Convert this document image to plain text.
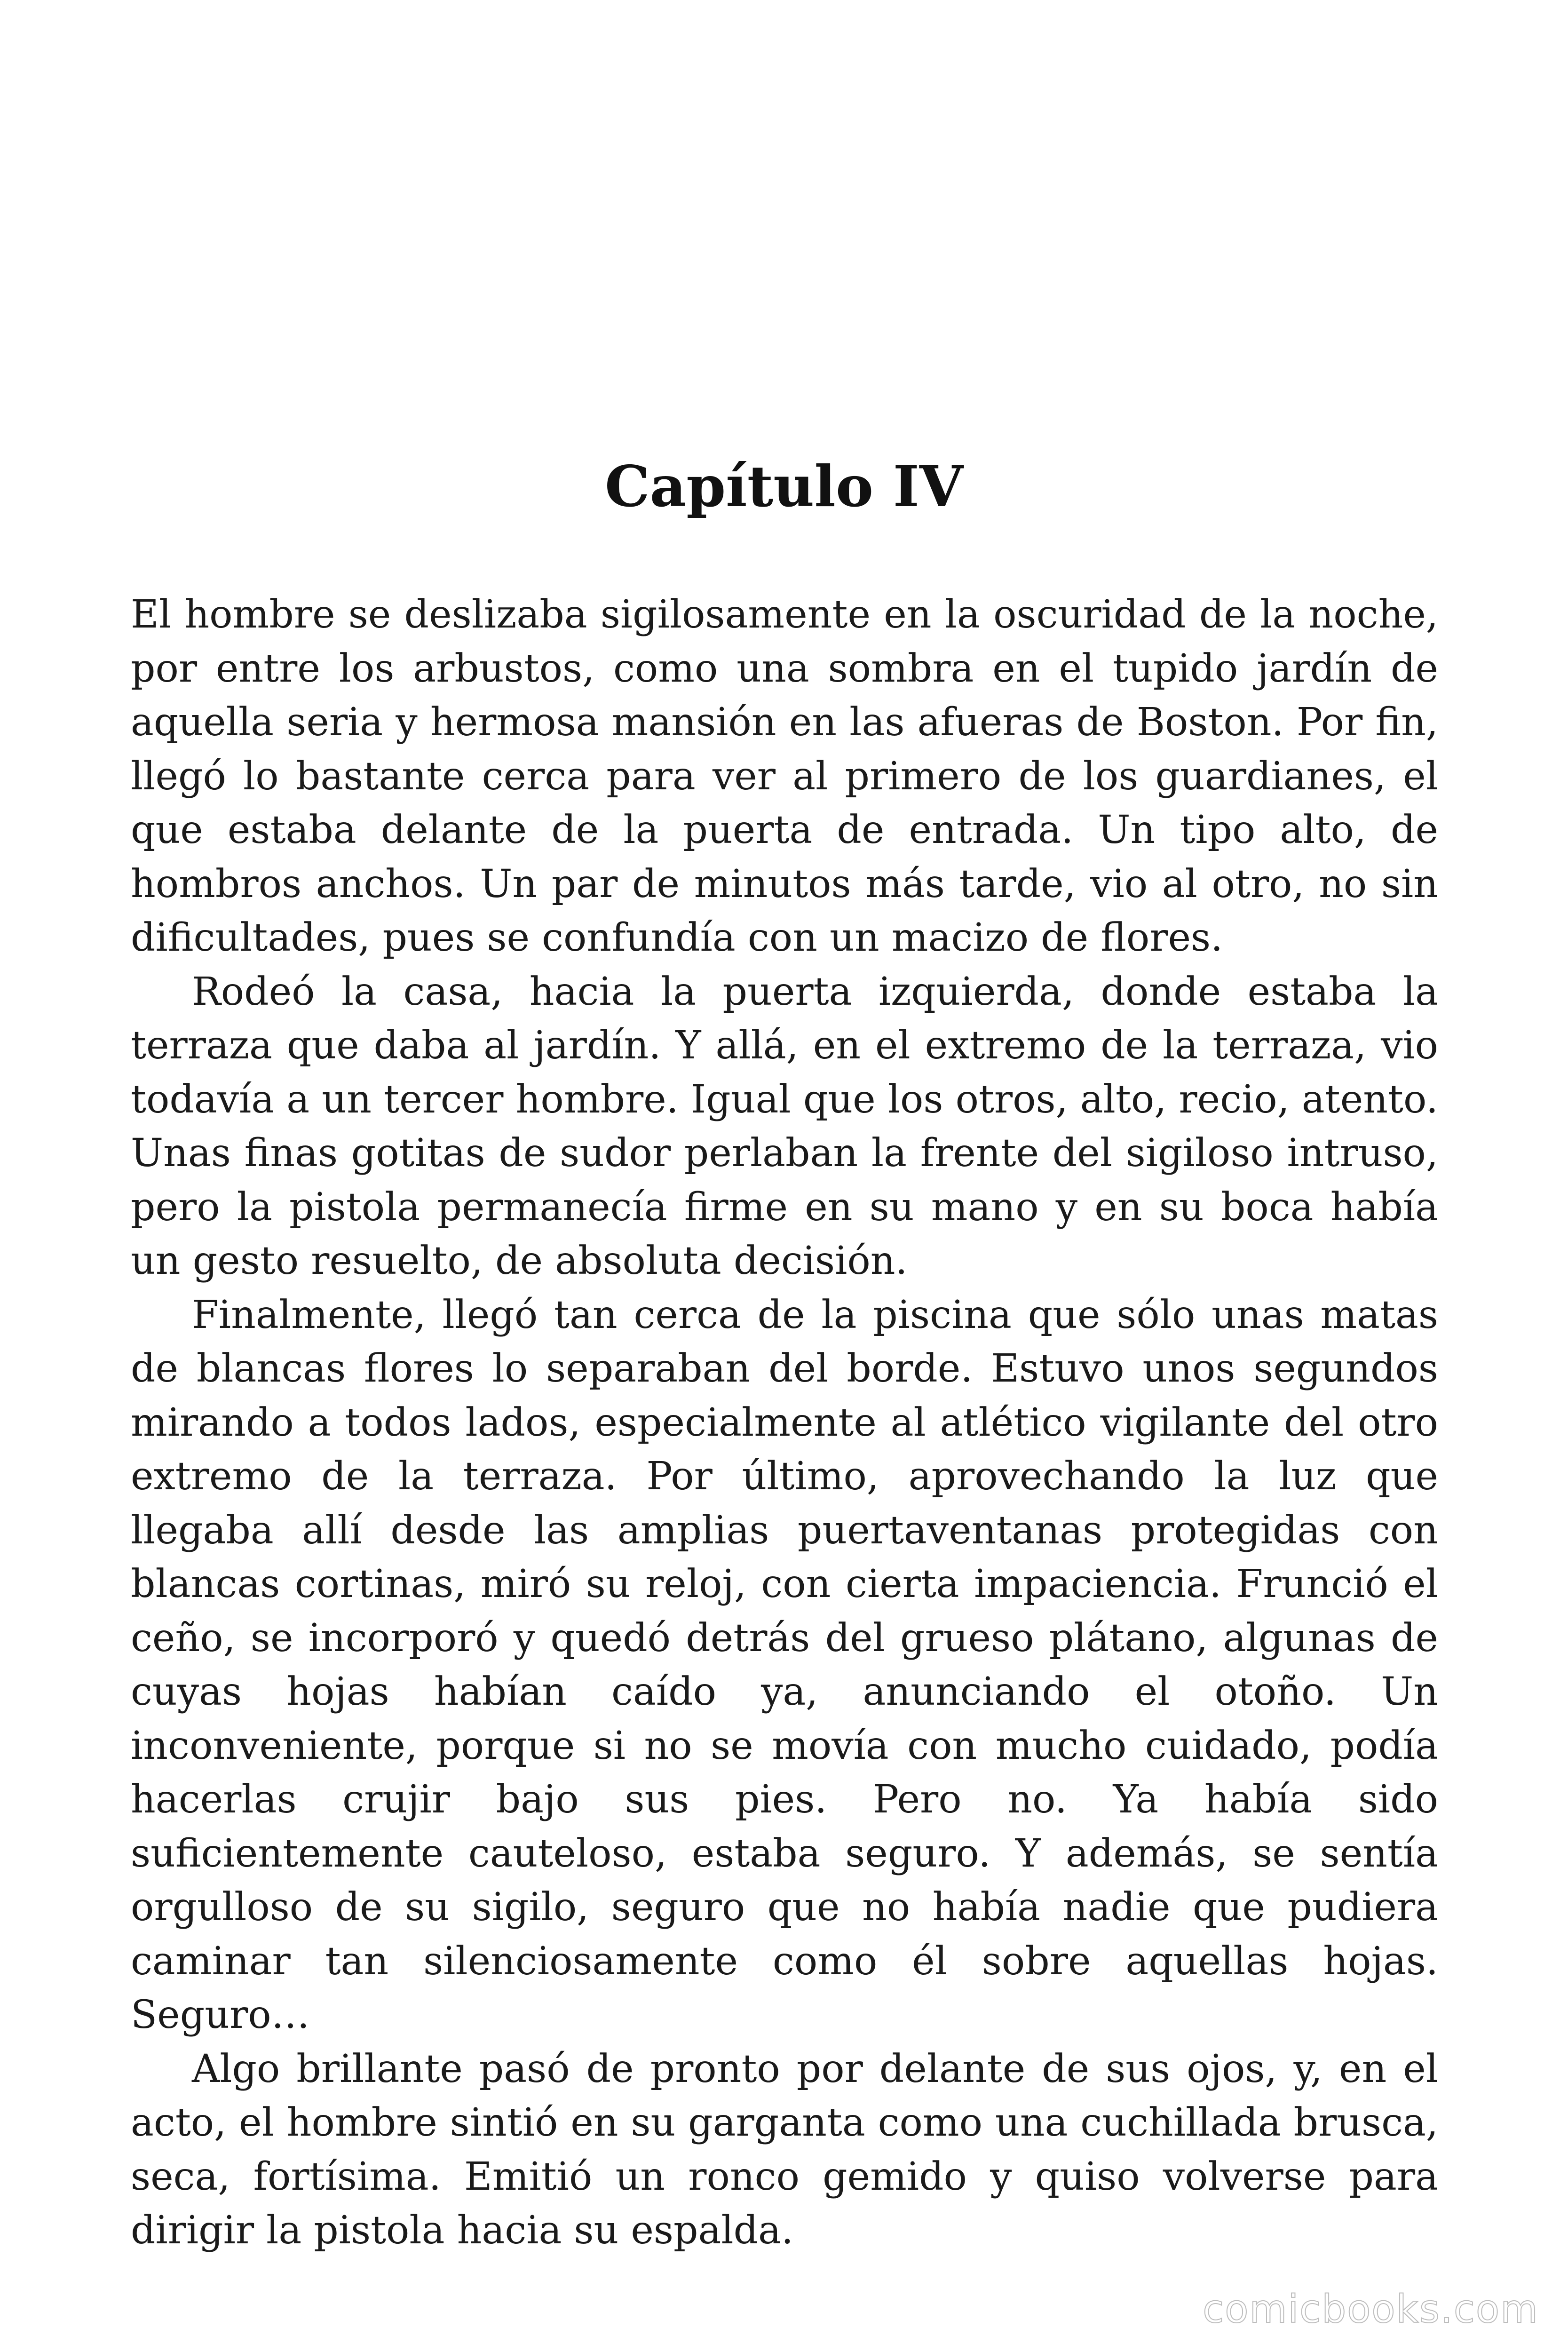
Capítulo IV

El hombre se deslizaba sigilosamente en la oscuridad de la noche, por entre los arbustos, como una sombra en el tupido jardín de aquella seria y hermosa mansión en las afueras de Boston. Por fin, llegó lo bastante cerca para ver al primero de los guardianes, el que estaba delante de la puerta de entrada. Un tipo alto, de hombros anchos. Un par de minutos más tarde, vio al otro, no sin dificultades, pues se confundía con un macizo de flores.

Rodeó la casa, hacia la puerta izquierda, donde estaba la terraza que daba al jardín. Y allá, en el extremo de la terraza, vio todavía a un tercer hombre. Igual que los otros, alto, recio, atento. Unas finas gotitas de sudor perlaban la frente del sigiloso intruso, pero la pistola permanecía firme en su mano y en su boca había un gesto resuelto, de absoluta decisión.

Finalmente, llegó tan cerca de la piscina que sólo unas matas de blancas flores lo separaban del borde. Estuvo unos segundos mirando a todos lados, especialmente al atlético vigilante del otro extremo de la terraza. Por último, aprovechando la luz que llegaba allí desde las amplias puertaventanas protegidas con blancas cortinas, miró su reloj, con cierta impaciencia. Frunció el ceño, se incorporó y quedó detrás del grueso plátano, algunas de cuyas hojas habían caído ya, anunciando el otoño. Un inconveniente, porque si no se movía con mucho cuidado, podía hacerlas crujir bajo sus pies. Pero no. Ya había sido suficientemente cauteloso, estaba seguro. Y además, se sentía orgulloso de su sigilo, seguro que no había nadie que pudiera caminar tan silenciosamente como él sobre aquellas hojas. Seguro…

Algo brillante pasó de pronto por delante de sus ojos, y, en el acto, el hombre sintió en su garganta como una cuchillada brusca, seca, fortísima. Emitió un ronco gemido y quiso volverse para dirigir la pistola hacia su espalda.

comicbooks.com
